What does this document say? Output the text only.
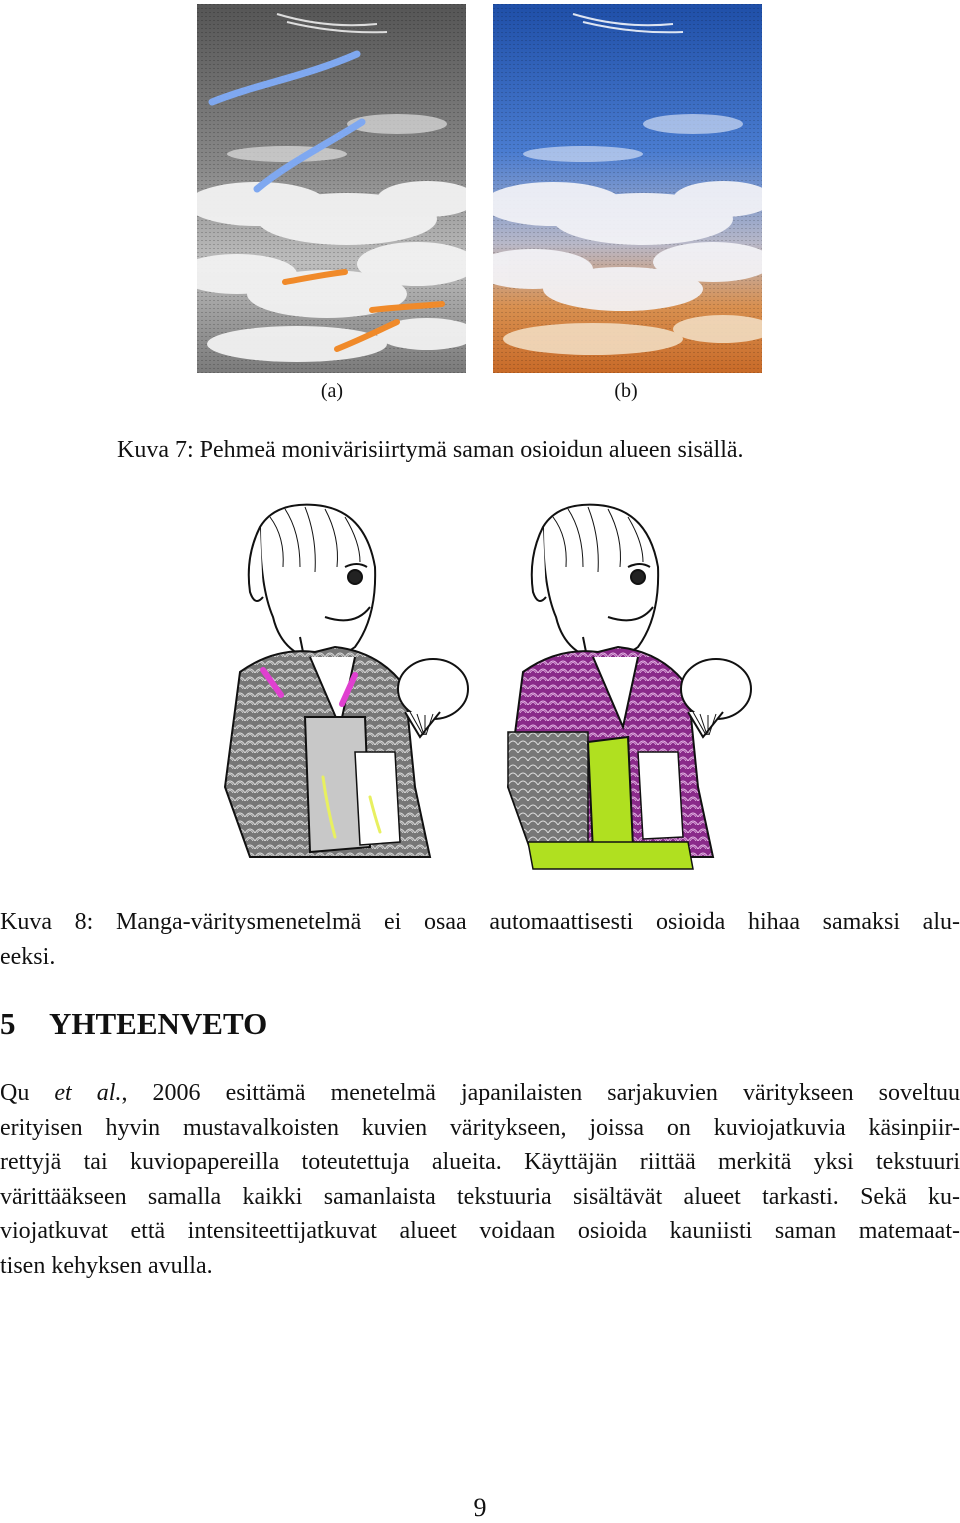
(a)	(b)
Kuva 7: Pehmeä monivärisiirtymä saman osioidun alueen sisällä.
Kuva 8: Manga-väritysmenetelmä ei osaa automaattisesti osioida hihaa samaksi alu-
eeksi.
5 YHTEENVETO
Qu et al., 2006 esittämä menetelmä japanilaisten sarjakuvien väritykseen soveltuu
erityisen hyvin mustavalkoisten kuvien väritykseen, joissa on kuviojatkuvia käsinpiir-
rettyjä tai kuviopapereilla toteutettuja alueita. Käyttäjän riittää merkitä yksi tekstuuri
värittääkseen samalla kaikki samanlaista tekstuuria sisältävät alueet tarkasti. Sekä ku-
viojatkuvat että intensiteettijatkuvat alueet voidaan osioida kauniisti saman matemaat-
tisen kehyksen avulla.
9
